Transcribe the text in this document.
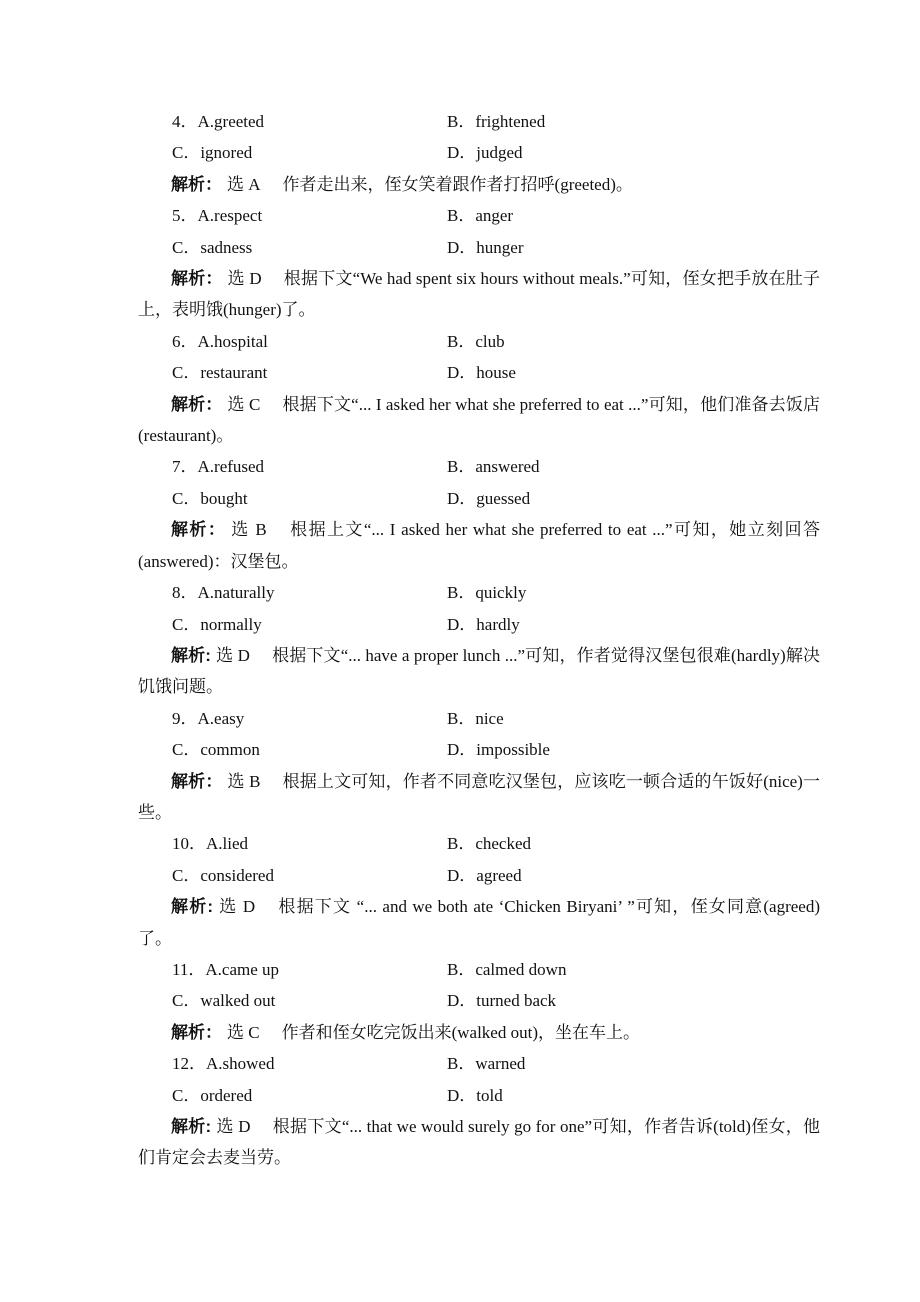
4．A.greeted	B．frightened
C．ignored	D．judged

解析： 选 A 作者走出来，侄女笑着跟作者打招呼(greeted)。

5．A.respect	B．anger
C．sadness	D．hunger

解析： 选 D 根据下文“We had spent six hours without meals.”可知，侄女把手放在肚子上，表明饿(hunger)了。

6．A.hospital	B．club
C．restaurant	D．house

解析： 选 C 根据下文“... I asked her what she preferred to eat ...”可知，他们准备去饭店(restaurant)。

7．A.refused	B．answered
C．bought	D．guessed

解析： 选 B 根据上文“... I asked her what she preferred to eat ...”可知，她立刻回答(answered)：汉堡包。

8．A.naturally	B．quickly
C．normally	D．hardly

解析: 选 D 根据下文“... have a proper lunch ...”可知，作者觉得汉堡包很难(hardly)解决饥饿问题。

9．A.easy	B．nice
C．common	D．impossible

解析： 选 B 根据上文可知，作者不同意吃汉堡包，应该吃一顿合适的午饭好(nice)一些。

10．A.lied	B．checked
C．considered	D．agreed

解析: 选 D 根据下文 “... and we both ate ‘Chicken Biryani’ ”可知，侄女同意(agreed)了。

11．A.came up	B．calmed down
C．walked out	D．turned back

解析： 选 C 作者和侄女吃完饭出来(walked out)，坐在车上。

12．A.showed	B．warned
C．ordered	D．told

解析: 选 D 根据下文“... that we would surely go for one”可知，作者告诉(told)侄女，他们肯定会去麦当劳。
